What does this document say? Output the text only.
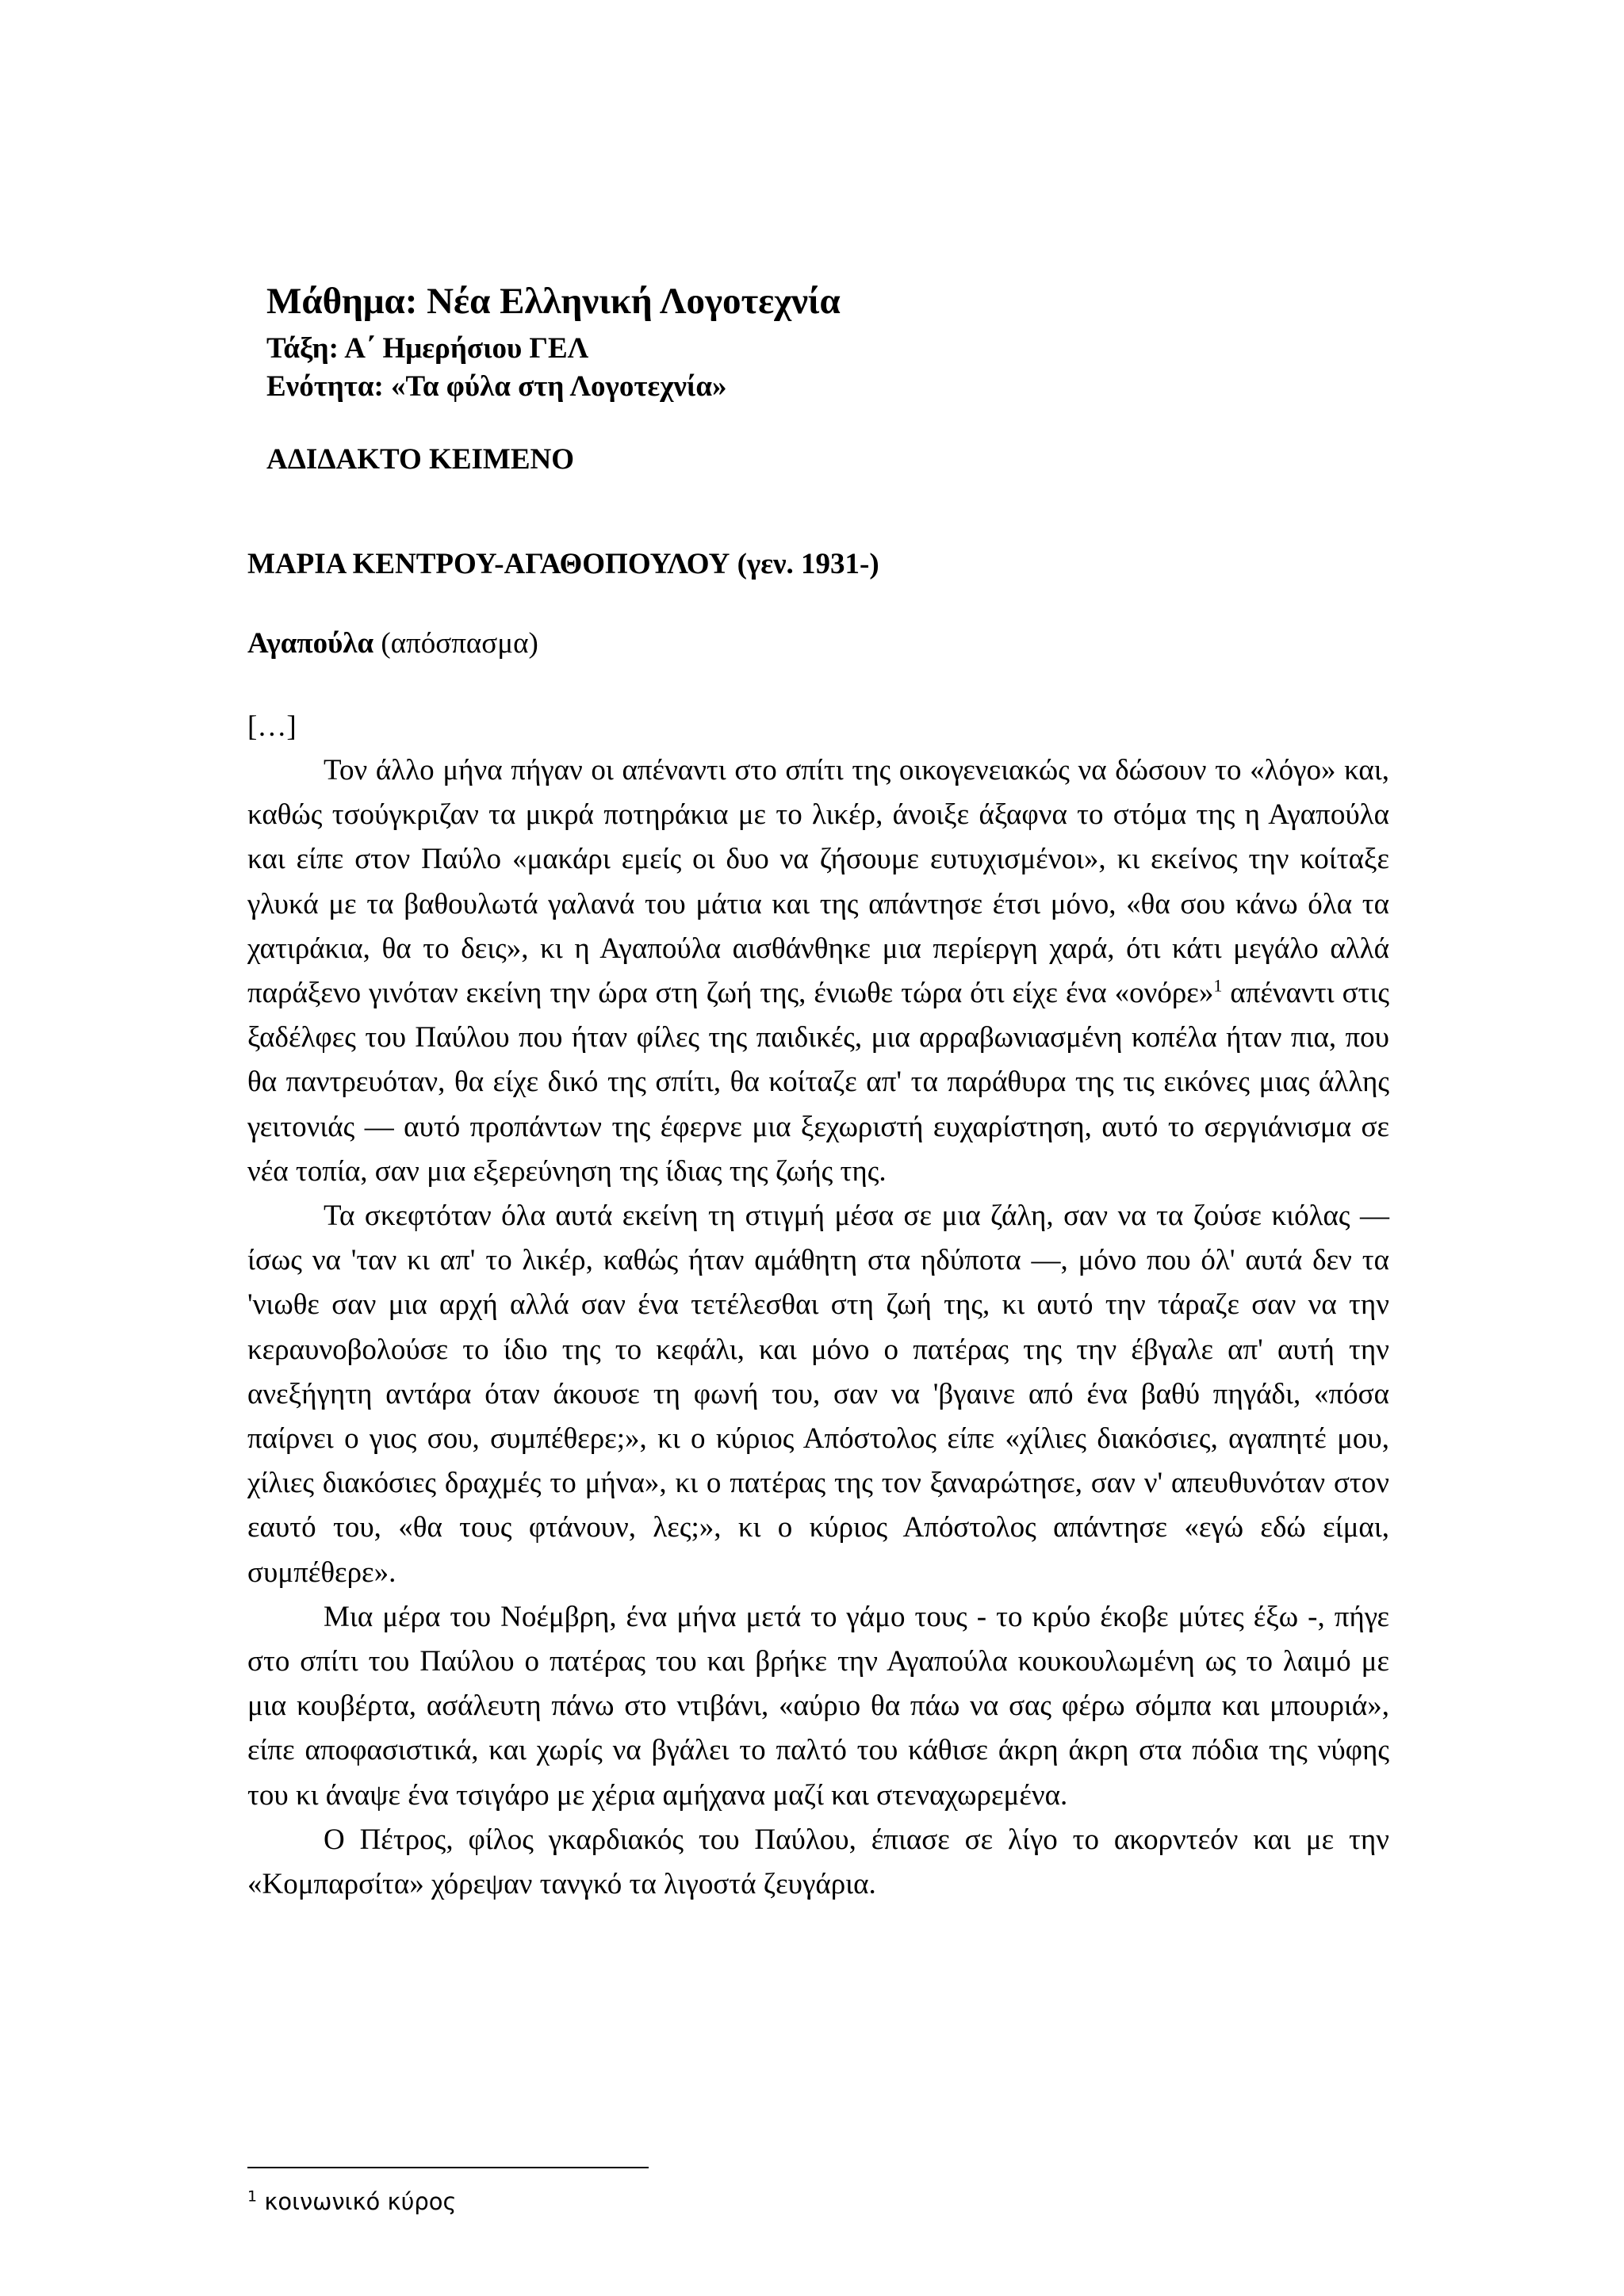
Μάθημα: Νέα Ελληνική Λογοτεχνία
Τάξη: Α΄ Ημερήσιου ΓΕΛ
Ενότητα: «Τα φύλα στη Λογοτεχνία»
ΑΔΙΔΑΚΤΟ ΚΕΙΜΕΝΟ
ΜΑΡΙΑ ΚΕΝΤΡΟΥ-ΑΓΑΘΟΠΟΥΛΟΥ (γεν. 1931-)
Αγαπούλα (απόσπασμα)
[…]

Τον άλλο μήνα πήγαν οι απέναντι στο σπίτι της οικογενειακώς να δώσουν το «λόγο» και, καθώς τσούγκριζαν τα μικρά ποτηράκια με το λικέρ, άνοιξε άξαφνα το στόμα της η Αγαπούλα και είπε στον Παύλο «μακάρι εμείς οι δυο να ζήσουμε ευτυχισμένοι», κι εκείνος την κοίταξε γλυκά με τα βαθουλωτά γαλανά του μάτια και της απάντησε έτσι μόνο, «θα σου κάνω όλα τα χατιράκια, θα το δεις», κι η Αγαπούλα αισθάνθηκε μια περίεργη χαρά, ότι κάτι μεγάλο αλλά παράξενο γινόταν εκείνη την ώρα στη ζωή της, ένιωθε τώρα ότι είχε ένα «ονόρε»$^1$ απέναντι στις ξαδέλφες του Παύλου που ήταν φίλες της παιδικές, μια αρραβωνιασμένη κοπέλα ήταν πια, που θα παντρευόταν, θα είχε δικό της σπίτι, θα κοίταζε απ' τα παράθυρα της τις εικόνες μιας άλλης γειτονιάς — αυτό προπάντων της έφερνε μια ξεχωριστή ευχαρίστηση, αυτό το σεργιάνισμα σε νέα τοπία, σαν μια εξερεύνηση της ίδιας της ζωής της.

Τα σκεφτόταν όλα αυτά εκείνη τη στιγμή μέσα σε μια ζάλη, σαν να τα ζούσε κιόλας — ίσως να 'ταν κι απ' το λικέρ, καθώς ήταν αμάθητη στα ηδύποτα —, μόνο που όλ' αυτά δεν τα 'νιωθε σαν μια αρχή αλλά σαν ένα τετέλεσθαι στη ζωή της, κι αυτό την τάραζε σαν να την κεραυνοβολούσε το ίδιο της το κεφάλι, και μόνο ο πατέρας της την έβγαλε απ' αυτή την ανεξήγητη αντάρα όταν άκουσε τη φωνή του, σαν να 'βγαινε από ένα βαθύ πηγάδι, «πόσα παίρνει ο γιος σου, συμπέθερε;», κι ο κύριος Απόστολος είπε «χίλιες διακόσιες, αγαπητέ μου, χίλιες διακόσιες δραχμές το μήνα», κι ο πατέρας της τον ξαναρώτησε, σαν ν' απευθυνόταν στον εαυτό του, «θα τους φτάνουν, λες;», κι ο κύριος Απόστολος απάντησε «εγώ εδώ είμαι, συμπέθερε».

Μια μέρα του Νοέμβρη, ένα μήνα μετά το γάμο τους - το κρύο έκοβε μύτες έξω -, πήγε στο σπίτι του Παύλου ο πατέρας του και βρήκε την Αγαπούλα κουκουλωμένη ως το λαιμό με μια κουβέρτα, ασάλευτη πάνω στο ντιβάνι, «αύριο θα πάω να σας φέρω σόμπα και μπουριά», είπε αποφασιστικά, και χωρίς να βγάλει το παλτό του κάθισε άκρη άκρη στα πόδια της νύφης του κι άναψε ένα τσιγάρο με χέρια αμήχανα μαζί και στεναχωρεμένα.

Ο Πέτρος, φίλος γκαρδιακός του Παύλου, έπιασε σε λίγο το ακορντεόν και με την «Κομπαρσίτα» χόρεψαν τανγκό τα λιγοστά ζευγάρια.

$^1$ κοινωνικό κύρος
